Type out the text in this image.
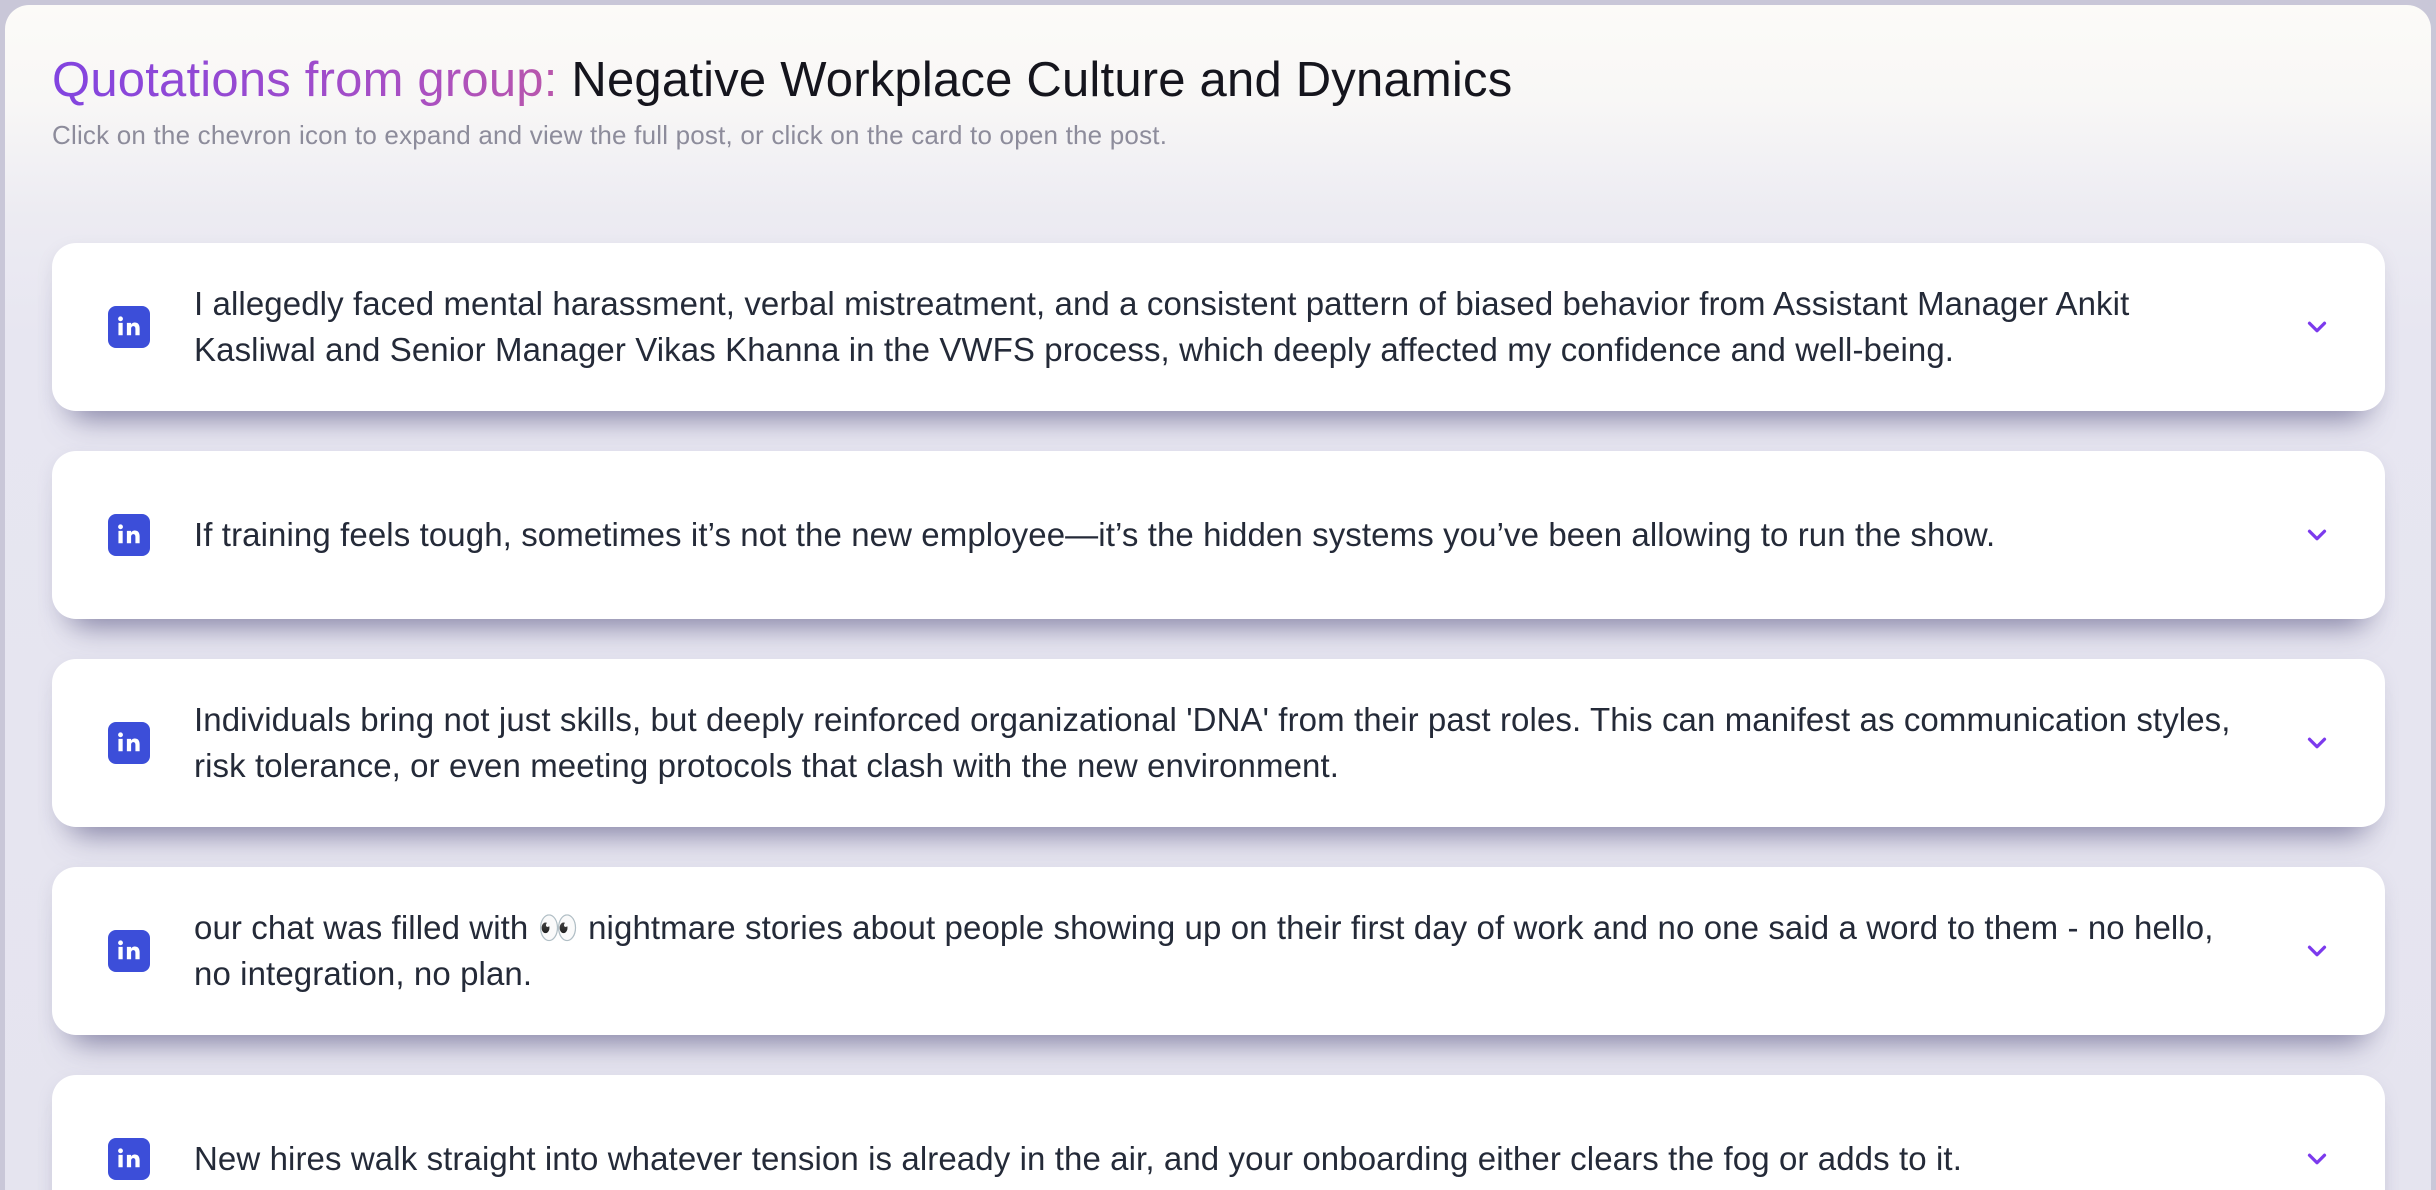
Quotations from group: Negative Workplace Culture and Dynamics
Click on the chevron icon to expand and view the full post, or click on the card to open the post.
I allegedly faced mental harassment, verbal mistreatment, and a consistent pattern of biased behavior from Assistant Manager Ankit Kasliwal and Senior Manager Vikas Khanna in the VWFS process, which deeply affected my confidence and well-being.
If training feels tough, sometimes it’s not the new employee—it’s the hidden systems you’ve been allowing to run the show.
Individuals bring not just skills, but deeply reinforced organizational 'DNA' from their past roles. This can manifest as communication styles, risk tolerance, or even meeting protocols that clash with the new environment.
our chat was filled with 👀 nightmare stories about people showing up on their first day of work and no one said a word to them - no hello, no integration, no plan.
New hires walk straight into whatever tension is already in the air, and your onboarding either clears the fog or adds to it.
